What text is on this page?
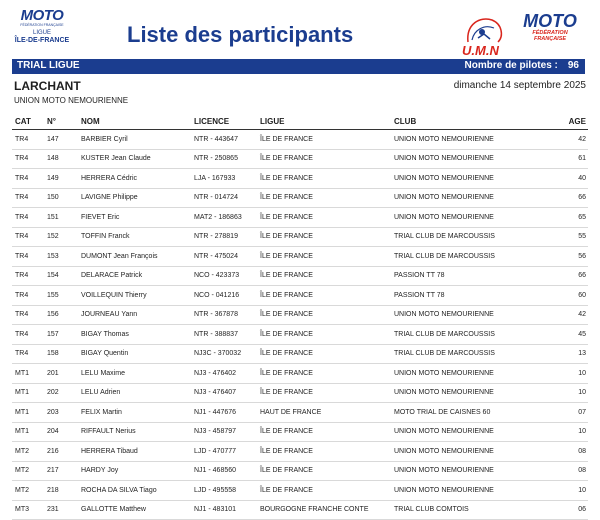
MOTO
FÉDÉRATION FRANÇAISE
LIGUE
ÎLE-DE-FRANCE	Liste des participants
U.M.N
MOTO
FÉDÉRATION FRANÇAISE
TRIAL LIGUE	Nombre de pilotes : 96
LARCHANT	dimanche 14 septembre 2025
UNION MOTO NEMOURIENNE
CAT	N°	NOM	LICENCE	LIGUE	CLUB	AGE
TR4	147	BARBIER Cyril	NTR - 443647	ÎLE DE FRANCE	UNION MOTO NEMOURIENNE	42
TR4	148	KUSTER Jean Claude	NTR - 250865	ÎLE DE FRANCE	UNION MOTO NEMOURIENNE	61
TR4	149	HERRERA Cédric	LJA - 167933	ÎLE DE FRANCE	UNION MOTO NEMOURIENNE	40
TR4	150	LAVIGNE Philippe	NTR - 014724	ÎLE DE FRANCE	UNION MOTO NEMOURIENNE	66
TR4	151	FIEVET Eric	MAT2 - 186863	ÎLE DE FRANCE	UNION MOTO NEMOURIENNE	65
TR4	152	TOFFIN Franck	NTR - 278819	ÎLE DE FRANCE	TRIAL CLUB DE MARCOUSSIS	55
TR4	153	DUMONT Jean François	NTR - 475024	ÎLE DE FRANCE	TRIAL CLUB DE MARCOUSSIS	56
TR4	154	DELARACE Patrick	NCO - 423373	ÎLE DE FRANCE	PASSION TT 78	66
TR4	155	VOILLEQUIN Thierry	NCO - 041216	ÎLE DE FRANCE	PASSION TT 78	60
TR4	156	JOURNEAU Yann	NTR - 367878	ÎLE DE FRANCE	UNION MOTO NEMOURIENNE	42
TR4	157	BIGAY Thomas	NTR - 388837	ÎLE DE FRANCE	TRIAL CLUB DE MARCOUSSIS	45
TR4	158	BIGAY Quentin	NJ3C - 370032	ÎLE DE FRANCE	TRIAL CLUB DE MARCOUSSIS	13
MT1	201	LELU Maxime	NJ3 - 476402	ÎLE DE FRANCE	UNION MOTO NEMOURIENNE	10
MT1	202	LELU Adrien	NJ3 - 476407	ÎLE DE FRANCE	UNION MOTO NEMOURIENNE	10
MT1	203	FELIX Martin	NJ1 - 447676	HAUT DE FRANCE	MOTO TRIAL DE CAISNES 60	07
MT1	204	RIFFAULT Nerius	NJ3 - 458797	ÎLE DE FRANCE	UNION MOTO NEMOURIENNE	10
MT2	216	HERRERA Tibaud	LJD - 470777	ÎLE DE FRANCE	UNION MOTO NEMOURIENNE	08
MT2	217	HARDY Joy	NJ1 - 468560	ÎLE DE FRANCE	UNION MOTO NEMOURIENNE	08
MT2	218	ROCHA DA SILVA Tiago	LJD - 495558	ÎLE DE FRANCE	UNION MOTO NEMOURIENNE	10
MT3	231	GALLOTTE Matthew	NJ1 - 483101	BOURGOGNE FRANCHE CONTE	TRIAL CLUB COMTOIS	06
